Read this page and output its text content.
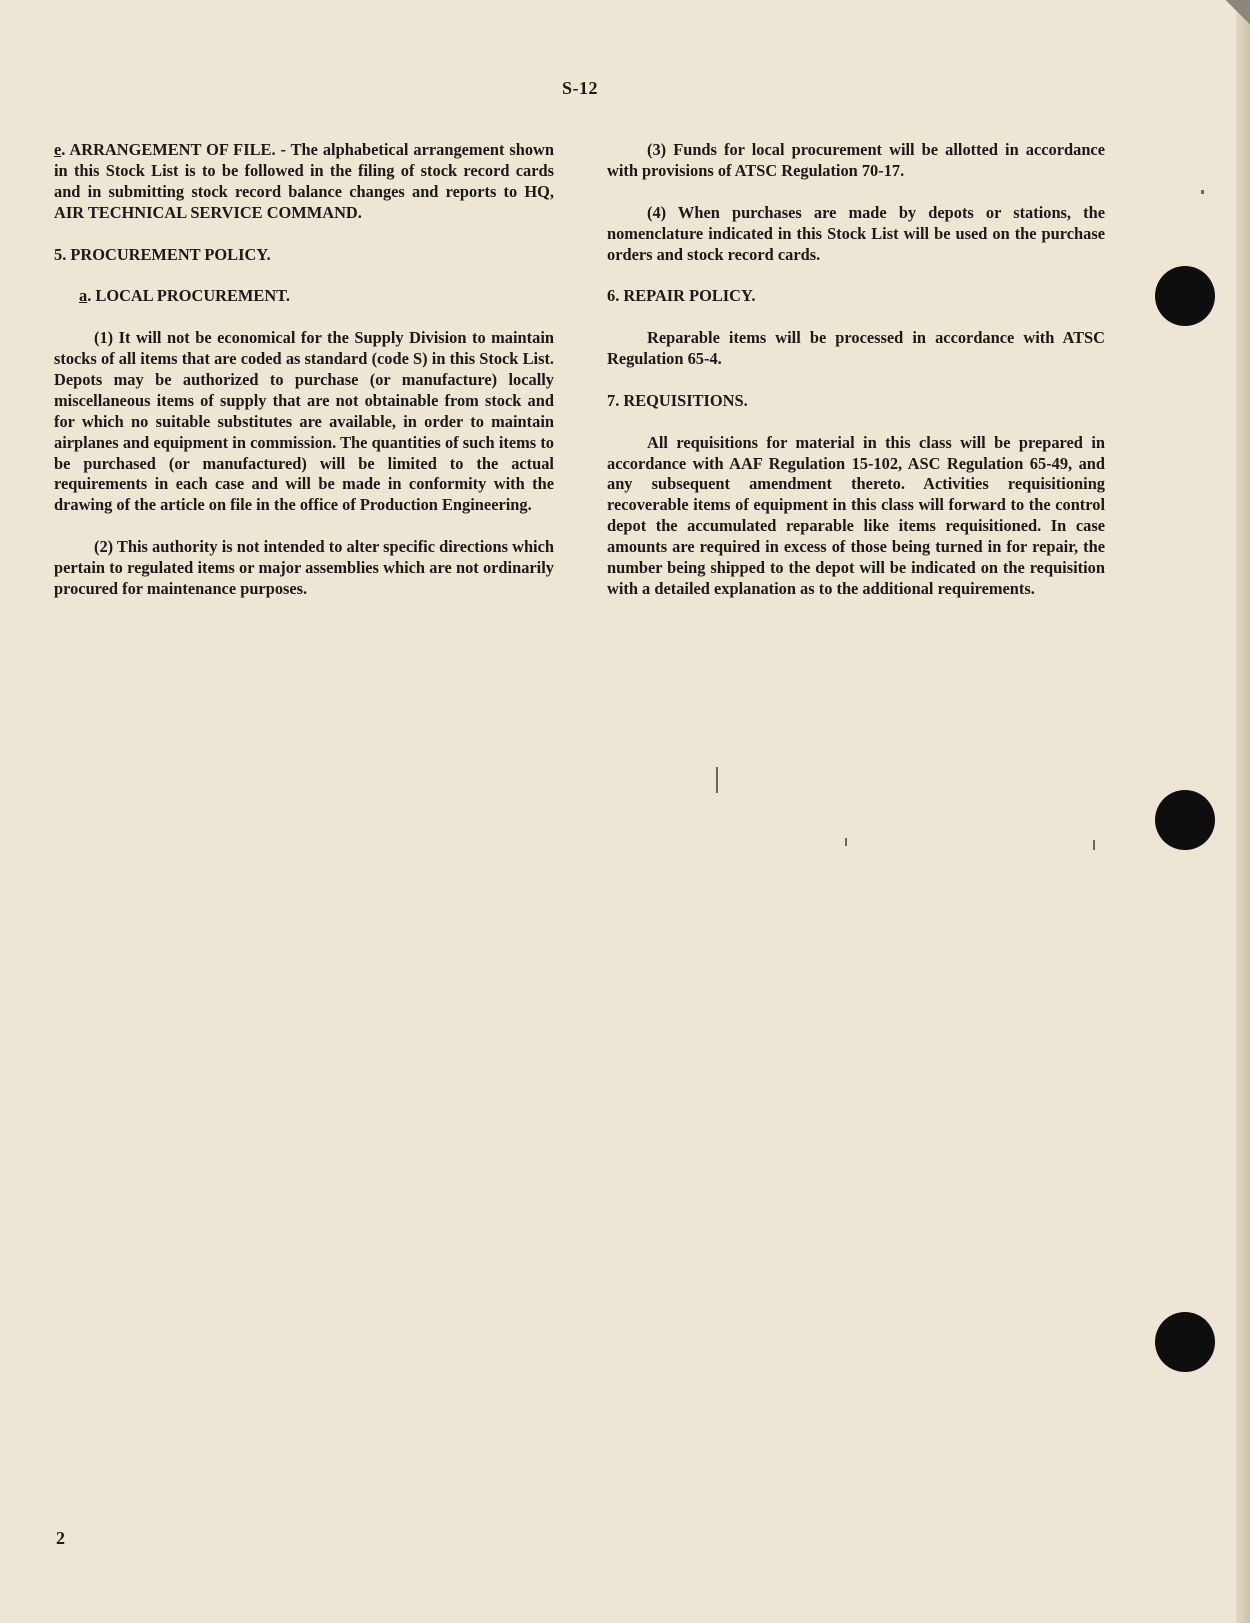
S-12

e. ARRANGEMENT OF FILE. - The alphabetical arrangement shown in this Stock List is to be followed in the filing of stock record cards and in submitting stock record balance changes and reports to HQ, AIR TECHNICAL SERVICE COMMAND.

5. PROCUREMENT POLICY.
a. LOCAL PROCUREMENT.

(1) It will not be economical for the Supply Division to maintain stocks of all items that are coded as standard (code S) in this Stock List. Depots may be authorized to purchase (or manufacture) locally miscellaneous items of supply that are not obtainable from stock and for which no suitable substitutes are available, in order to maintain airplanes and equipment in commission. The quantities of such items to be purchased (or manufactured) will be limited to the actual requirements in each case and will be made in conformity with the drawing of the article on file in the office of Production Engineering.

(2) This authority is not intended to alter specific directions which pertain to regulated items or major assemblies which are not ordinarily procured for maintenance purposes.

(3) Funds for local procurement will be allotted in accordance with provisions of ATSC Regulation 70-17.

(4) When purchases are made by depots or stations, the nomenclature indicated in this Stock List will be used on the purchase orders and stock record cards.

6. REPAIR POLICY.

Reparable items will be processed in accordance with ATSC Regulation 65-4.

7. REQUISITIONS.

All requisitions for material in this class will be prepared in accordance with AAF Regulation 15-102, ASC Regulation 65-49, and any subsequent amendment thereto. Activities requisitioning recoverable items of equipment in this class will forward to the control depot the accumulated reparable like items requisitioned. In case amounts are required in excess of those being turned in for repair, the number being shipped to the depot will be indicated on the requisition with a detailed explanation as to the additional requirements.

2
